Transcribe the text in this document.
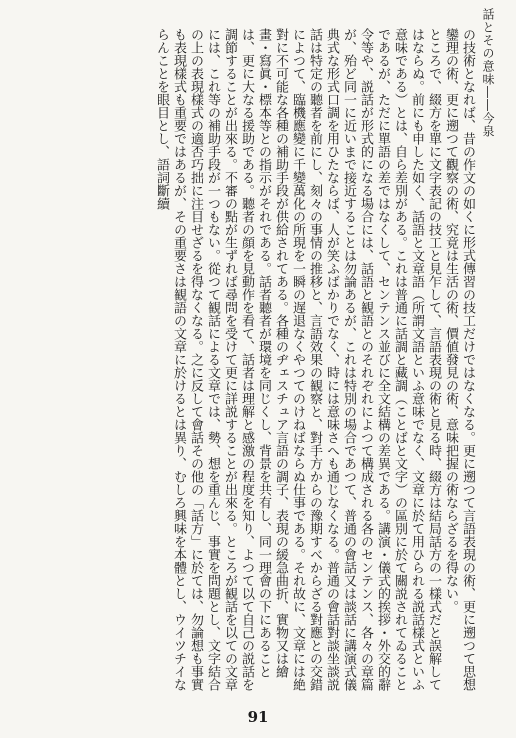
話とその意味――今泉

の技術となれば、昔の作文の如くに形式傳習の技工だけではなくなる。更に遡つて言語表現の術、更に遡つて思想鑾理の術、更に遡つて觀察の術、究竟は生活の術、價値發見の術、意味把握の術ならざるを得ない。

ところで、綴方を單に文字表記の技工と見乍して、言語表現の術と見る時、綴方は結局話方の一樣式だと誤解してはならぬ。前にも申した如く、話語と文章語（所謂文語といふ意味でなく、文章に於て用ひられる説話樣式といふ意味である）とは、自ら差別がある。これは普通に話調と藏調（ことばと文字）の區別に於て關説されてゐることであるが、ただに單語の差ではなくして、センテンス並びに全文結構の差異である。講演・儀式的挨拶・外交的辭令等や、説話が形式的になる場合には、話語と観語とのそれぞれによつて構成される各のセンテンス、各々の章篇が、殆ど同一に近いまで接近することは勿論あるが、これは特別の場合であつて、普通の會話又は談話に講演式儀典式な形式口調を用ひたならば、人が笑ふばかりでなく、時には意味さへも通じなくなる。普通の會話對談坐談説話は特定の聽者を前にし、刻々の事情の推移と、言語效果の観察と、對手方からの豫期すべからざる對應との交錯によつて、臨機應變に千變萬化の所現を一瞬の遅退なくやつてのけねばならぬ仕事である。それ故に、文章には絶對に不可能な各種の補助手段が供給されてある。各種のヂェスチュア言語の調子、表現の緩急曲折、實物又は繪畫・寫眞・標本等との指示がそれである。話者聽者が環境を同じくし、背景を共有し、同一理會の下にあることは、更に大なる援助である。聽者の顔を見動作を看て、話者は理解と感激の程度を知り、よつて以て自己の説話を調節することが出來る。不審の點が生ずれば尋問を受けて更に詳説することが出來る。ところが観話を以ての文章には、これ等の補助手段が一つもない。從つて観話による文章では、勢、想を重んじ、事實を問題とし、文字結合の上の表現樣式の適否巧拙に注目せざるを得なくなる。之に反して會話その他の「話方」に於ては、勿論想も事實も表現樣式も重要ではあるが、その重要さは観語の文章に於けるとは異り、むしろ興味を本體とし、ウイツチイならんことを眼目とし、語詞斷續

91
